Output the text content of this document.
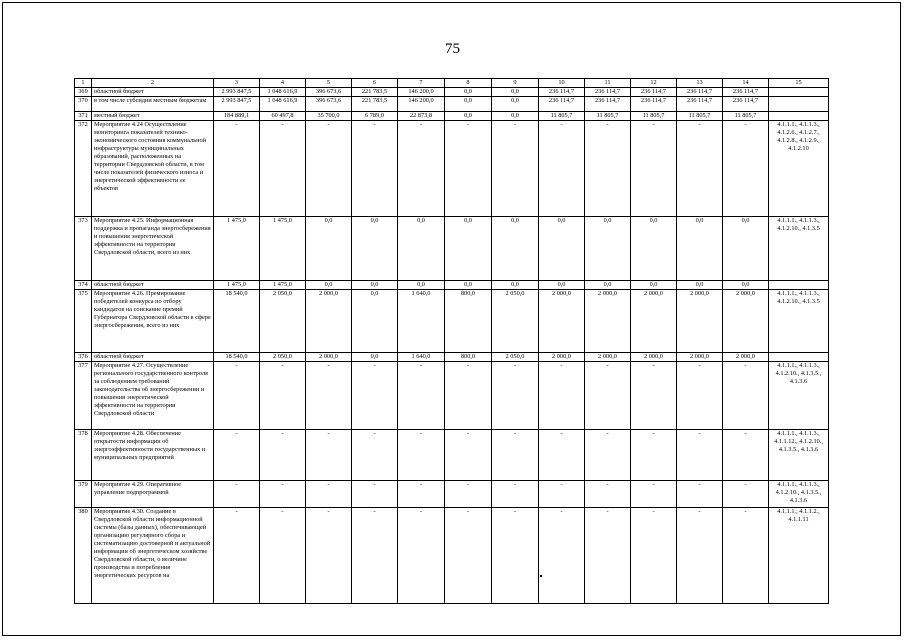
75
1	2	3	4	5	6	7	8	9	10	11	12	13	14	15
369	областной бюджет	2 993 847,5	1 048 616,9	396 673,6	221 783,5	146 200,0	0,0	0,0	236 114,7	236 114,7	236 114,7	236 114,7	236 114,7	
370	в том числе субсидии местным бюджетам	2 993 847,5	1 048 616,9	396 673,6	221 783,5	146 200,0	0,0	0,0	236 114,7	236 114,7	236 114,7	236 114,7	236 114,7	
371	местный бюджет	184 889,1	60 497,8	35 700,0	6 789,0	22 873,8	0,0	0,0	11 805,7	11 805,7	11 805,7	11 805,7	11 805,7	
372	Мероприятие 4.24 Осуществление мониторинга показателей технико-экономического состояния коммунальной инфраструктуры муниципальных образований, расположенных на территории Свердловской области, в том числе показателей физического износа и энергетической эффективности ее объектов	-	-	-	-	-	-	-	-	-	-	-	-	4.1.1.1., 4.1.1.3., 4.1.2.6., 4.1.2.7., 4.1.2.8., 4.1.2.9., 4.1.2.10
373	Мероприятие 4.25. Информационная поддержка и пропаганда энергосбережения и повышения энергетической эффективности на территории Свердловской области, всего из них	1 475,0	1 475,0	0,0	0,0	0,0	0,0	0,0	0,0	0,0	0,0	0,0	0,0	4.1.1.1., 4.1.1.3., 4.1.2.10., 4.1.3.5
374	областной бюджет	1 475,0	1 475,0	0,0	0,0	0,0	0,0	0,0	0,0	0,0	0,0	0,0	0,0	
375	Мероприятие 4.26. Премирование победителей конкурса по отбору кандидатов на соискание премий Губернатора Свердловской области в сфере энергосбережения, всего из них	18 540,0	2 050,0	2 000,0	0,0	1 640,0	800,0	2 050,0	2 000,0	2 000,0	2 000,0	2 000,0	2 000,0	4.1.1.1., 4.1.1.3., 4.1.2.10., 4.1.3.5
376	областной бюджет	18 540,0	2 050,0	2 000,0	0,0	1 640,0	800,0	2 050,0	2 000,0	2 000,0	2 000,0	2 000,0	2 000,0	
377	Мероприятие 4.27. Осуществление регионального государственного контроля за соблюдением требований законодательства об энергосбережении и повышении энергетической эффективности на территории Свердловской области	-	-	-	-	-	-	-	-	-	-	-	-	4.1.1.1., 4.1.1.3., 4.1.2.10., 4.1.3.5., 4.1.3.6
378	Мероприятие 4.28. Обеспечение открытости информации об энергоэффективности государственных и муниципальных предприятий	-	-	-	-	-	-	-	-	-	-	-	-	4.1.1.1., 4.1.1.3., 4.1.1.12., 4.1.2.10., 4.1.3.5., 4.1.3.6
379	Мероприятие 4.29. Оперативное управление подпрограммой	-	-	-	-	-	-	-	-	-	-	-	-	4.1.1.1., 4.1.1.3., 4.1.2.10., 4.1.3.5., 4.1.3.6
380	Мероприятие 4.30. Создание в Свердловской области информационной системы (базы данных), обеспечивающей организацию регулярного сбора и систематизацию достоверной и актуальной информации об энергетическом хозяйстве Свердловской области, о величине производства и потребления энергетических ресурсов на	-	-	-	-	-	-	-	-	-	-	-	-	4.1.1.1., 4.1.1.2., 4.1.1.11
